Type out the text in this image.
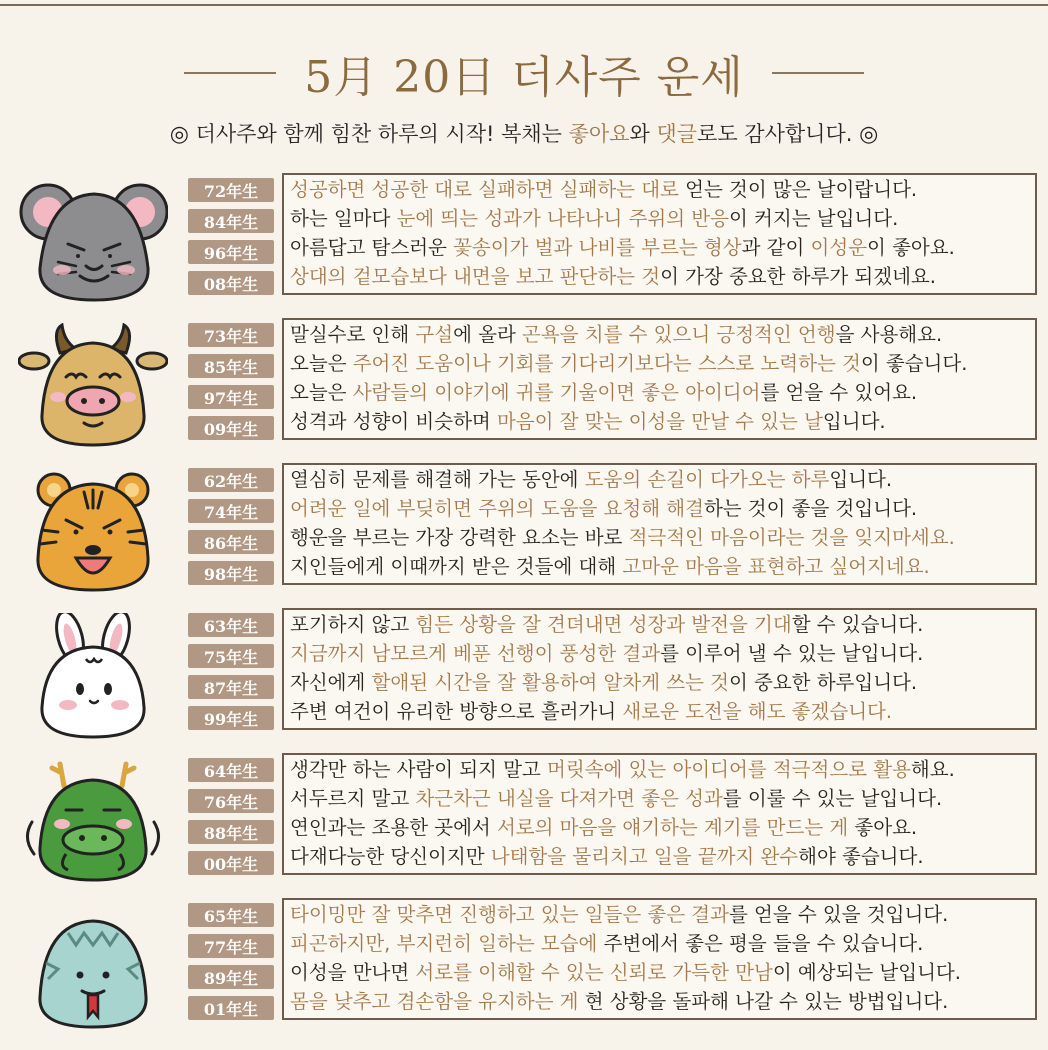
5月 20日 더사주 운세
◎ 더사주와 함께 힘찬 하루의 시작! 복채는 좋아요와 댓글로도 감사합니다. ◎
72年生
84年生
96年生
08年生
성공하면 성공한 대로 실패하면 실패하는 대로 얻는 것이 많은 날이랍니다.
하는 일마다 눈에 띄는 성과가 나타나니 주위의 반응이 커지는 날입니다.
아름답고 탐스러운 꽃송이가 벌과 나비를 부르는 형상과 같이 이성운이 좋아요.
상대의 겉모습보다 내면을 보고 판단하는 것이 가장 중요한 하루가 되겠네요.
73年生
85年生
97年生
09年生
말실수로 인해 구설에 올라 곤욕을 치를 수 있으니 긍정적인 언행을 사용해요.
오늘은 주어진 도움이나 기회를 기다리기보다는 스스로 노력하는 것이 좋습니다.
오늘은 사람들의 이야기에 귀를 기울이면 좋은 아이디어를 얻을 수 있어요.
성격과 성향이 비슷하며 마음이 잘 맞는 이성을 만날 수 있는 날입니다.
62年生
74年生
86年生
98年生
열심히 문제를 해결해 가는 동안에 도움의 손길이 다가오는 하루입니다.
어려운 일에 부딪히면 주위의 도움을 요청해 해결하는 것이 좋을 것입니다.
행운을 부르는 가장 강력한 요소는 바로 적극적인 마음이라는 것을 잊지마세요.
지인들에게 이때까지 받은 것들에 대해 고마운 마음을 표현하고 싶어지네요.
63年生
75年生
87年生
99年生
포기하지 않고 힘든 상황을 잘 견뎌내면 성장과 발전을 기대할 수 있습니다.
지금까지 남모르게 베푼 선행이 풍성한 결과를 이루어 낼 수 있는 날입니다.
자신에게 할애된 시간을 잘 활용하여 알차게 쓰는 것이 중요한 하루입니다.
주변 여건이 유리한 방향으로 흘러가니 새로운 도전을 해도 좋겠습니다.
64年生
76年生
88年生
00年生
생각만 하는 사람이 되지 말고 머릿속에 있는 아이디어를 적극적으로 활용해요.
서두르지 말고 차근차근 내실을 다져가면 좋은 성과를 이룰 수 있는 날입니다.
연인과는 조용한 곳에서 서로의 마음을 얘기하는 계기를 만드는 게 좋아요.
다재다능한 당신이지만 나태함을 물리치고 일을 끝까지 완수해야 좋습니다.
65年生
77年生
89年生
01年生
타이밍만 잘 맞추면 진행하고 있는 일들은 좋은 결과를 얻을 수 있을 것입니다.
피곤하지만, 부지런히 일하는 모습에 주변에서 좋은 평을 들을 수 있습니다.
이성을 만나면 서로를 이해할 수 있는 신뢰로 가득한 만남이 예상되는 날입니다.
몸을 낮추고 겸손함을 유지하는 게 현 상황을 돌파해 나갈 수 있는 방법입니다.
